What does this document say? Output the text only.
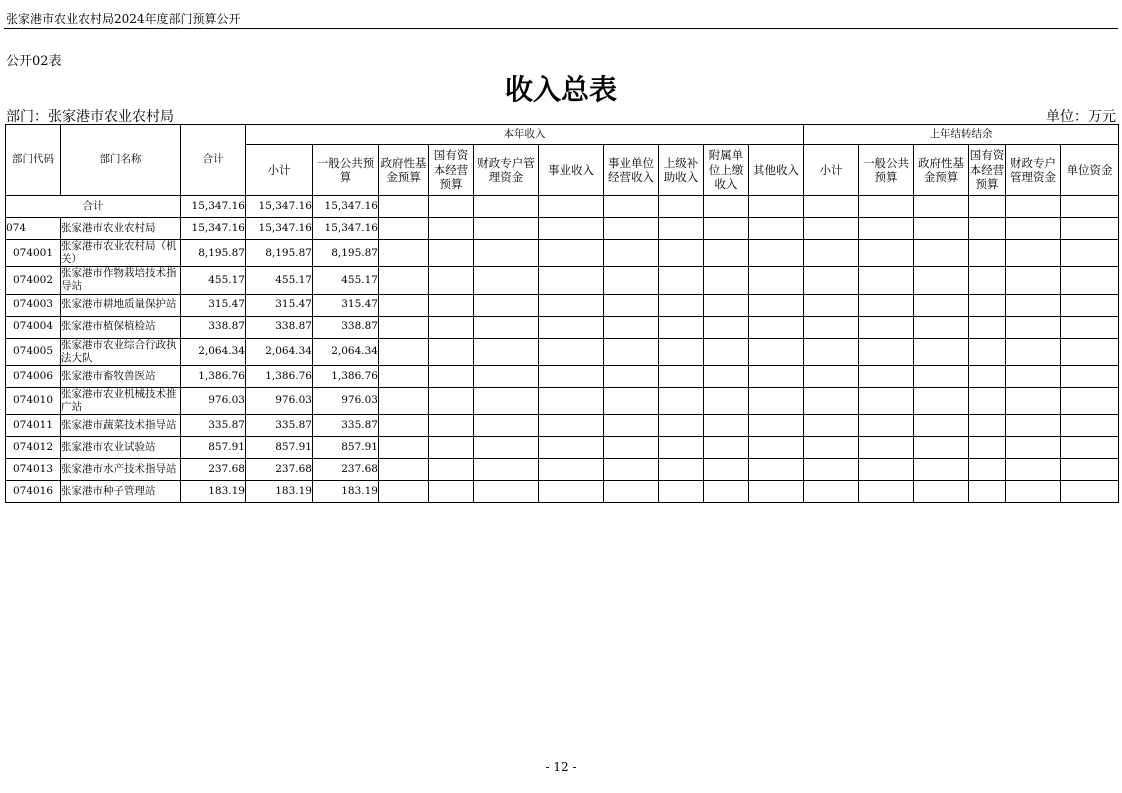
张家港市农业农村局2024年度部门预算公开
公开02表
收入总表
部门：张家港市农业农村局	单位：万元
部门代码	部门名称	合计	本年收入										上年结转结余					
			小计	一般公共预算	政府性基金预算	国有资本经营预算	财政专户管理资金	事业收入	事业单位经营收入	上级补助收入	附属单位上缴收入	其他收入	小计	一般公共预算	政府性基金预算	国有资本经营预算	财政专户管理资金	单位资金
合计		15,347.16	15,347.16	15,347.16														
074	张家港市农业农村局	15,347.16	15,347.16	15,347.16														
074001	张家港市农业农村局（机关）	8,195.87	8,195.87	8,195.87														
074002	张家港市作物栽培技术指导站	455.17	455.17	455.17														
074003	张家港市耕地质量保护站	315.47	315.47	315.47														
074004	张家港市植保植检站	338.87	338.87	338.87														
074005	张家港市农业综合行政执法大队	2,064.34	2,064.34	2,064.34														
074006	张家港市畜牧兽医站	1,386.76	1,386.76	1,386.76														
074010	张家港市农业机械技术推广站	976.03	976.03	976.03														
074011	张家港市蔬菜技术指导站	335.87	335.87	335.87														
074012	张家港市农业试验站	857.91	857.91	857.91														
074013	张家港市水产技术指导站	237.68	237.68	237.68														
074016	张家港市种子管理站	183.19	183.19	183.19														
- 12 -
